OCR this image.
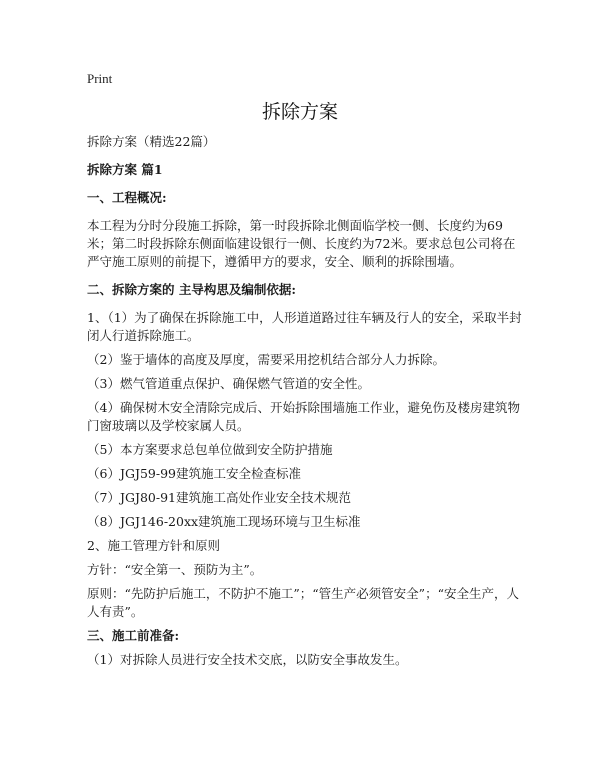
Print
拆除方案

拆除方案（精选22篇）

拆除方案 篇1

一、工程概况:

本工程为分时分段施工拆除，第一时段拆除北侧面临学校一侧、长度约为69米；第二时段拆除东侧面临建设银行一侧、长度约为72米。要求总包公司将在严守施工原则的前提下，遵循甲方的要求，安全、顺利的拆除围墙。

二、拆除方案的 主导构思及编制依据:

1、（1）为了确保在拆除施工中，人形道道路过往车辆及行人的安全，采取半封闭人行道拆除施工。

（2）鉴于墙体的高度及厚度，需要采用挖机结合部分人力拆除。

（3）燃气管道重点保护、确保燃气管道的安全性。

（4）确保树木安全清除完成后、开始拆除围墙施工作业，避免伤及楼房建筑物门窗玻璃以及学校家属人员。

（5）本方案要求总包单位做到安全防护措施

（6）JGJ59-99建筑施工安全检查标准

（7）JGJ80-91建筑施工高处作业安全技术规范

（8）JGJ146-20xx建筑施工现场环境与卫生标准

2、施工管理方针和原则

方针：“安全第一、预防为主”。

原则：“先防护后施工，不防护不施工”；“管生产必须管安全”；“安全生产，人人有责”。

三、施工前准备:

（1）对拆除人员进行安全技术交底，以防安全事故发生。
